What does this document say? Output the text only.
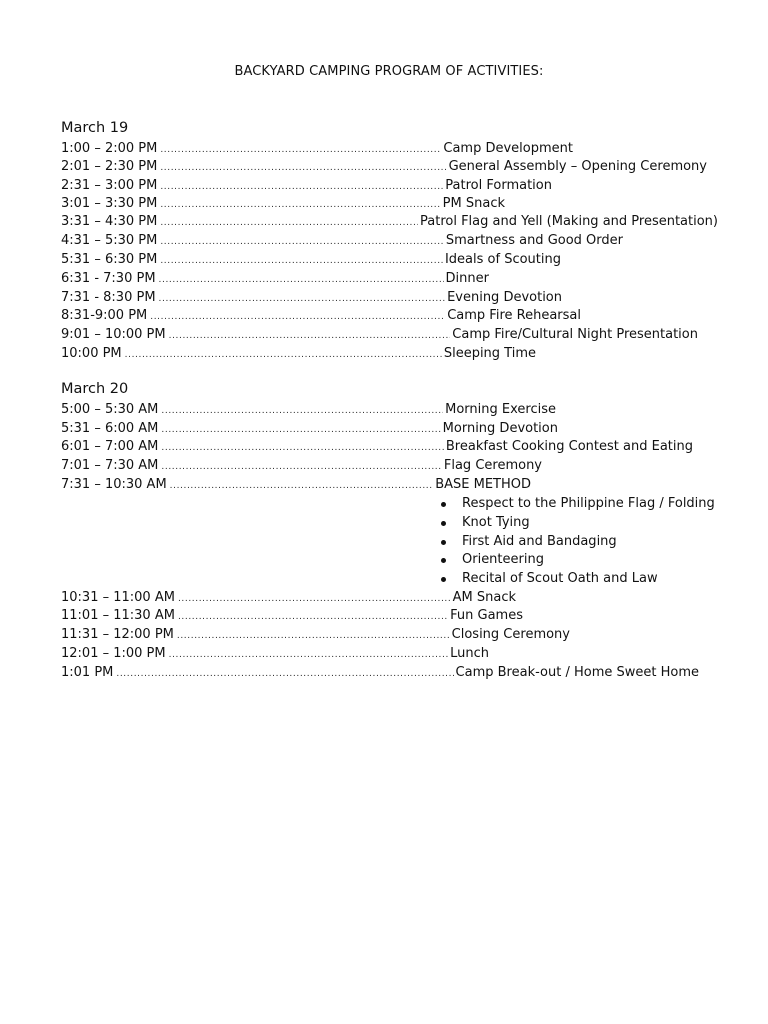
BACKYARD CAMPING PROGRAM OF ACTIVITIES:
March 19
1:00 – 2:00 PM .....	Camp Development
2:01 – 2:30 PM .....	General Assembly – Opening Ceremony
2:31 – 3:00 PM .....	Patrol Formation
3:01 – 3:30 PM .....	PM Snack
3:31 – 4:30 PM .....	Patrol Flag and Yell (Making and Presentation)
4:31 – 5:30 PM .....	Smartness and Good Order
5:31 – 6:30 PM .....	Ideals of Scouting
6:31 - 7:30 PM .....	Dinner
7:31 - 8:30 PM .....	Evening Devotion
8:31-9:00 PM .....	Camp Fire Rehearsal
9:01 – 10:00 PM .....	Camp Fire/Cultural Night Presentation
10:00 PM .....	Sleeping Time
March 20
5:00 – 5:30 AM .....	Morning Exercise
5:31 – 6:00 AM .....	Morning Devotion
6:01 – 7:00 AM .....	Breakfast Cooking Contest and Eating
7:01 – 7:30 AM .....	Flag Ceremony
7:31 – 10:30 AM .....	BASE METHOD
Respect to the Philippine Flag / Folding
Knot Tying
First Aid and Bandaging
Orienteering
Recital of Scout Oath and Law
10:31 – 11:00 AM .....	AM Snack
11:01 – 11:30 AM .....	Fun Games
11:31 – 12:00 PM .....	Closing Ceremony
12:01 – 1:00 PM .....	Lunch
1:01 PM .....	Camp Break-out / Home Sweet Home
